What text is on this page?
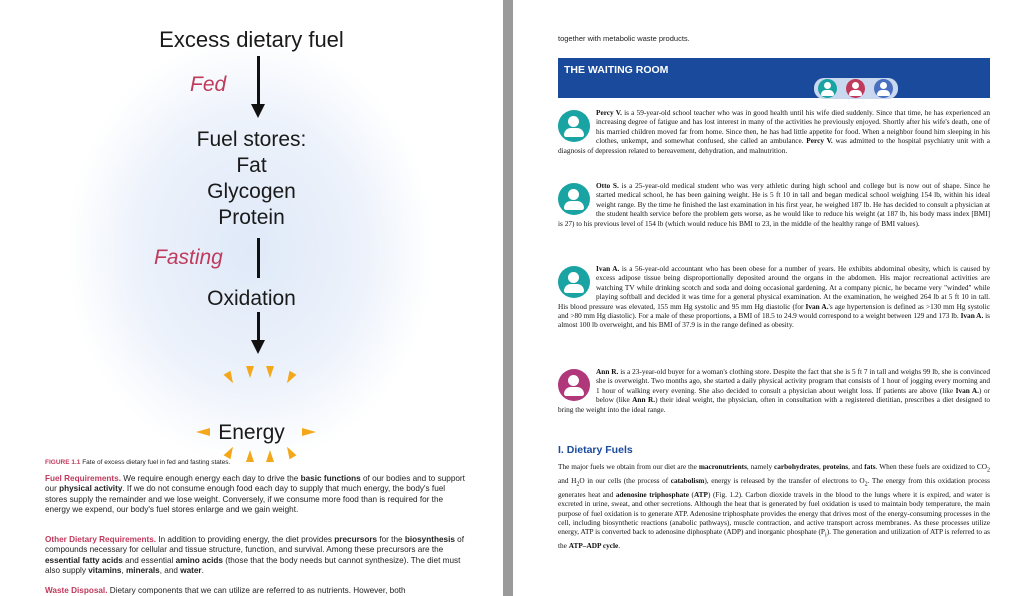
Excess dietary fuel
Fed
Fuel stores:
Fat
Glycogen
Protein
Fasting
Oxidation
Energy
FIGURE 1.1 Fate of excess dietary fuel in fed and fasting states.

Fuel Requirements. We require enough energy each day to drive the basic functions of our bodies and to support our physical activity. If we do not consume enough food each day to supply that much energy, the body's fuel stores supply the remainder and we lose weight. Conversely, if we consume more food than is required for the energy we expend, our body's fuel stores enlarge and we gain weight.

Other Dietary Requirements. In addition to providing energy, the diet provides precursors for the biosynthesis of compounds necessary for cellular and tissue structure, function, and survival. Among these precursors are the essential fatty acids and essential amino acids (those that the body needs but cannot synthesize). The diet must also supply vitamins, minerals, and water.

Waste Disposal. Dietary components that we can utilize are referred to as nutrients. However, both

together with metabolic waste products.
THE WAITING ROOM

Percy V. is a 59-year-old school teacher who was in good health until his wife died suddenly. Since that time, he has experienced an increasing degree of fatigue and has lost interest in many of the activities he previously enjoyed. Shortly after his wife's death, one of his married children moved far from home. Since then, he has had little appetite for food. When a neighbor found him sleeping in his clothes, unkempt, and somewhat confused, she called an ambulance. Percy V. was admitted to the hospital psychiatry unit with a diagnosis of depression related to bereavement, dehydration, and malnutrition.

Otto S. is a 25-year-old medical student who was very athletic during high school and college but is now out of shape. Since he started medical school, he has been gaining weight. He is 5 ft 10 in tall and began medical school weighing 154 lb, within his ideal weight range. By the time he finished the last examination in his first year, he weighed 187 lb. He has decided to consult a physician at the student health service before the problem gets worse, as he would like to reduce his weight (at 187 lb, his body mass index [BMI] is 27) to his previous level of 154 lb (which would reduce his BMI to 23, in the middle of the healthy range of BMI values).

Ivan A. is a 56-year-old accountant who has been obese for a number of years. He exhibits abdominal obesity, which is caused by excess adipose tissue being disproportionally deposited around the organs in the abdomen. His major recreational activities are watching TV while drinking scotch and soda and doing occasional gardening. At a company picnic, he became very "winded" while playing softball and decided it was time for a general physical examination. At the examination, he weighed 264 lb at 5 ft 10 in tall. His blood pressure was elevated, 155 mm Hg systolic and 95 mm Hg diastolic (for Ivan A.'s age hypertension is defined as >130 mm Hg systolic and >80 mm Hg diastolic). For a male of these proportions, a BMI of 18.5 to 24.9 would correspond to a weight between 129 and 173 lb. Ivan A. is almost 100 lb overweight, and his BMI of 37.9 is in the range defined as obesity.

Ann R. is a 23-year-old buyer for a woman's clothing store. Despite the fact that she is 5 ft 7 in tall and weighs 99 lb, she is convinced she is overweight. Two months ago, she started a daily physical activity program that consists of 1 hour of jogging every morning and 1 hour of walking every evening. She also decided to consult a physician about weight loss. If patients are above (like Ivan A.) or below (like Ann R.) their ideal weight, the physician, often in consultation with a registered dietitian, prescribes a diet designed to bring the weight into the ideal range.

I. Dietary Fuels

The major fuels we obtain from our diet are the macronutrients, namely carbohydrates, proteins, and fats. When these fuels are oxidized to $CO_2$ and $H_2O$ in our cells (the process of catabolism), energy is released by the transfer of electrons to $O_2$. The energy from this oxidation process generates heat and adenosine triphosphate (ATP) (Fig. 1.2). Carbon dioxide travels in the blood to the lungs where it is expired, and water is excreted in urine, sweat, and other secretions. Although the heat that is generated by fuel oxidation is used to maintain body temperature, the main purpose of fuel oxidation is to generate ATP. Adenosine triphosphate provides the energy that drives most of the energy-consuming processes in the cell, including biosynthetic reactions (anabolic pathways), muscle contraction, and active transport across membranes. As these processes utilize energy, ATP is converted back to adenosine diphosphate (ADP) and inorganic phosphate $(P_i)$. The generation and utilization of ATP is referred to as the ATP–ADP cycle.
